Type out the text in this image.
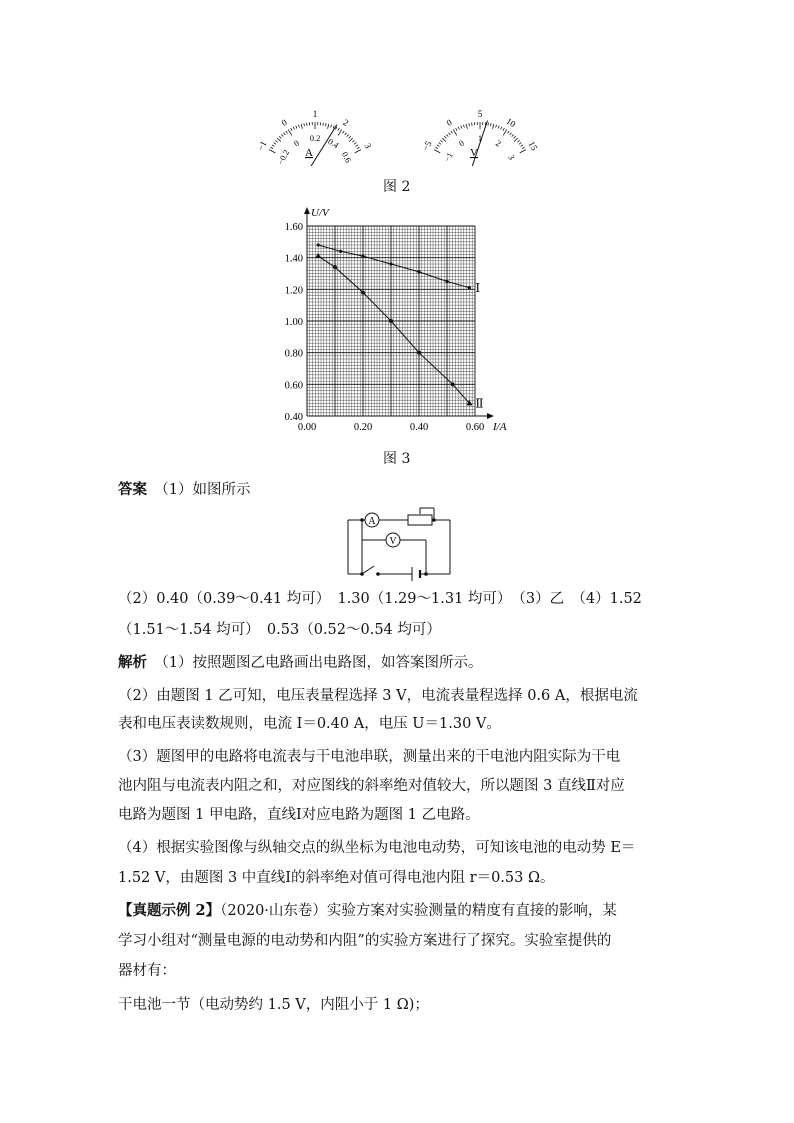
−1
0
1
2
3
−0.2
0 0.2 0.4
0.6
A
−5
0
5
10
15
−1
0 1 2
3
V
图 2
U/V
I/A
0.40
0.60
0.80
1.00
1.20
1.40
1.60
0.00	0.20	0.40	0.60
Ⅰ
Ⅱ
图 3
答案　 （1）如图所示
A
V
（2）0.40（0.39～0.41 均可）　1.30（1.29～1.31 均可）　（3）乙　（4）1.52
（1.51～1.54 均可）　0.53（0.52～0.54 均可）
解析　 （1）按照题图乙电路画出电路图，如答案图所示。
（2）由题图 1 乙可知，电压表量程选择 3 V，电流表量程选择 0.6 A，根据电流
表和电压表读数规则，电流 I＝0.40 A，电压 U＝1.30 V。
（3）题图甲的电路将电流表与干电池串联，测量出来的干电池内阻实际为干电
池内阻与电流表内阻之和，对应图线的斜率绝对值较大，所以题图 3 直线Ⅱ对应
电路为题图 1 甲电路，直线Ⅰ对应电路为题图 1 乙电路。
（4）根据实验图像与纵轴交点的纵坐标为电池电动势，可知该电池的电动势 E＝
1.52 V，由题图 3 中直线Ⅰ的斜率绝对值可得电池内阻 r＝0.53 Ω。
【真题示例 2】（2020·山东卷）实验方案对实验测量的精度有直接的影响，某
学习小组对“测量电源的电动势和内阻”的实验方案进行了探究。实验室提供的
器材有：
干电池一节（电动势约 1.5 V，内阻小于 1 Ω)；
